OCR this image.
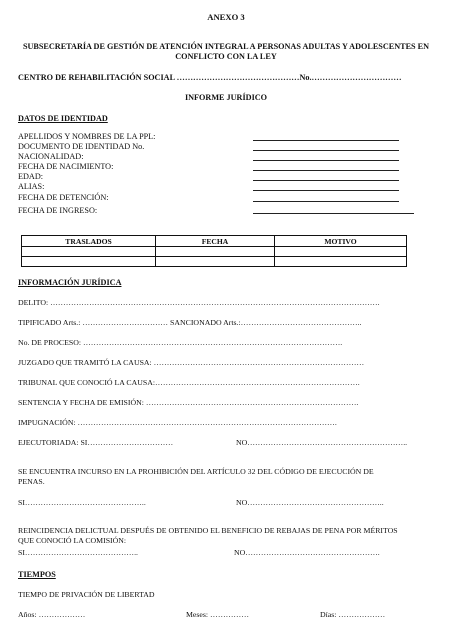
ANEXO 3
SUBSECRETARÍA DE GESTIÓN DE ATENCIÓN INTEGRAL A PERSONAS ADULTAS Y ADOLESCENTES EN
CONFLICTO CON LA LEY
CENTRO DE REHABILITACIÓN SOCIAL ………………………………………No.……………………………
INFORME JURÍDICO
DATOS DE IDENTIDAD
APELLIDOS Y NOMBRES DE LA PPL:
DOCUMENTO DE IDENTIDAD No.
NACIONALIDAD:
FECHA DE NACIMIENTO:
EDAD:
ALIAS:
FECHA DE DETENCIÓN:
FECHA DE INGRESO:
TRASLADOS	FECHA	MOTIVO

INFORMACIÓN JURÍDICA
DELITO: ……………………………………………………………………………………………………………….
TIPIFICADO Arts.: …………………………… SANCIONADO Arts.:………………………………………..
No. DE PROCESO: ……………………………………………………………………………………….
JUZGADO QUE TRAMITÓ LA CAUSA: ………………………………………………………………………
TRIBUNAL QUE CONOCIÓ LA CAUSA:…………………………………………………………………….
SENTENCIA Y FECHA DE EMISIÓN: ……………………………………………………………………….
IMPUGNACIÓN: ……………………………………………………………………………………….
EJECUTORIADA: SI……………………………	NO……………………………………………………..
SE ENCUENTRA INCURSO EN LA PROHIBICIÓN DEL ARTÍCULO 32 DEL CÓDIGO DE EJECUCIÓN DE
PENAS.
SI………………………………………..	NO……………………………………………..
REINCIDENCIA DELICTUAL DESPUÉS DE OBTENIDO EL BENEFICIO DE REBAJAS DE PENA POR MÉRITOS
QUE CONOCIÓ LA COMISIÓN:
SI……………………………………..	NO…………………………………………….
TIEMPOS
TIEMPO DE PRIVACIÓN DE LIBERTAD
Años: ………………	Meses: ……………	Días: ………………
